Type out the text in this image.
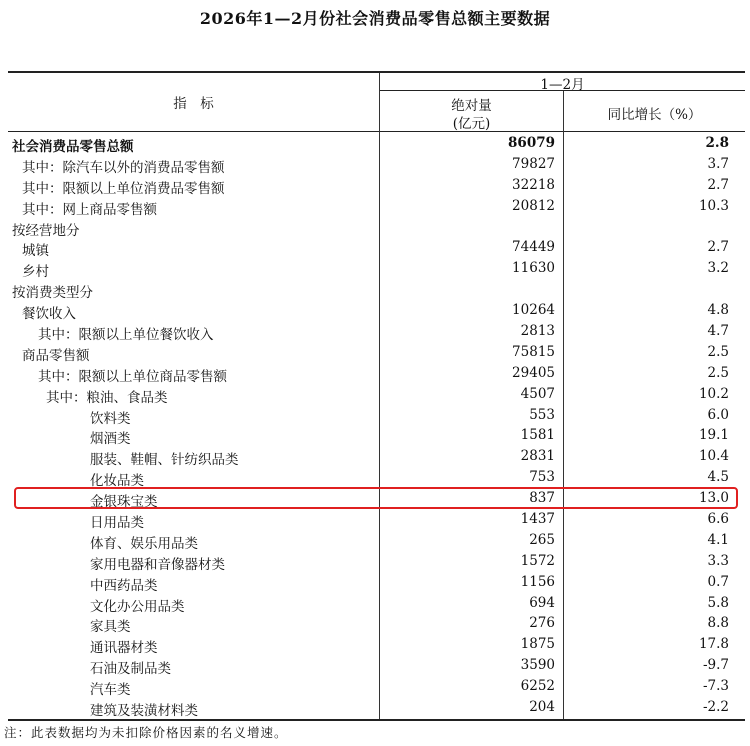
2026年1—2月份社会消费品零售总额主要数据
指　标
1—2月
绝对量
(亿元)
同比增长（%）
社会消费品零售总额	86079	2.8
其中：除汽车以外的消费品零售额	79827	3.7
其中：限额以上单位消费品零售额	32218	2.7
其中：网上商品零售额	20812	10.3
按经营地分
城镇	74449	2.7
乡村	11630	3.2
按消费类型分
餐饮收入	10264	4.8
其中：限额以上单位餐饮收入	2813	4.7
商品零售额	75815	2.5
其中：限额以上单位商品零售额	29405	2.5
其中：粮油、食品类	4507	10.2
饮料类	553	6.0
烟酒类	1581	19.1
服装、鞋帽、针纺织品类	2831	10.4
化妆品类	753	4.5
金银珠宝类	837	13.0
日用品类	1437	6.6
体育、娱乐用品类	265	4.1
家用电器和音像器材类	1572	3.3
中西药品类	1156	0.7
文化办公用品类	694	5.8
家具类	276	8.8
通讯器材类	1875	17.8
石油及制品类	3590	-9.7
汽车类	6252	-7.3
建筑及装潢材料类	204	-2.2
注：此表数据均为未扣除价格因素的名义增速。
